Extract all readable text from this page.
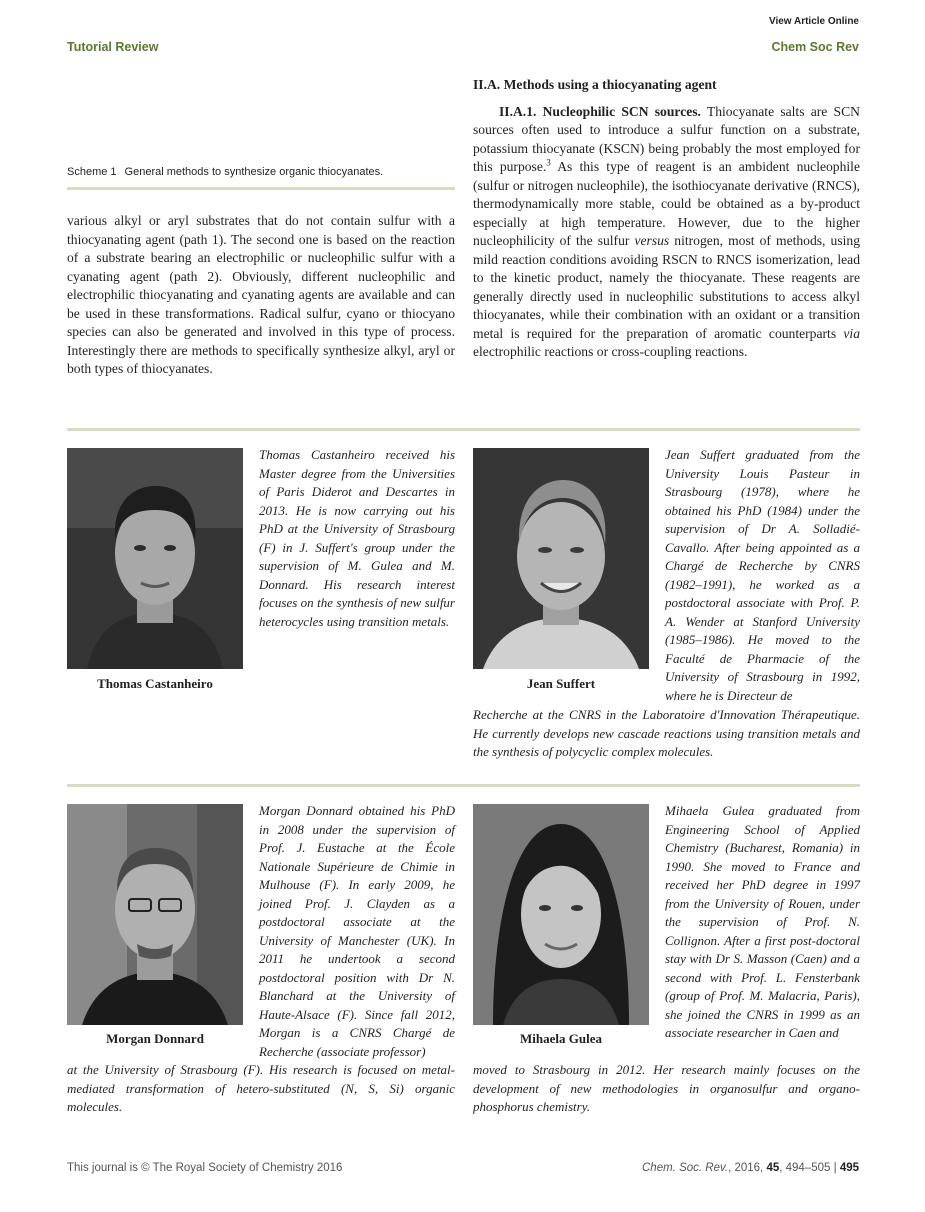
View Article Online
Tutorial Review	Chem Soc Rev
Scheme 1 General methods to synthesize organic thiocyanates.
various alkyl or aryl substrates that do not contain sulfur with a thiocyanating agent (path 1). The second one is based on the reaction of a substrate bearing an electrophilic or nucleophilic sulfur with a cyanating agent (path 2). Obviously, different nucleophilic and electrophilic thiocyanating and cyanating agents are available and can be used in these transformations. Radical sulfur, cyano or thiocyano species can also be generated and involved in this type of process. Interestingly there are methods to specifically synthesize alkyl, aryl or both types of thiocyanates.
II.A. Methods using a thiocyanating agent

II.A.1. Nucleophilic SCN sources. Thiocyanate salts are SCN sources often used to introduce a sulfur function on a substrate, potassium thiocyanate (KSCN) being probably the most employed for this purpose.$^3$ As this type of reagent is an ambident nucleophile (sulfur or nitrogen nucleophile), the isothiocyanate derivative (RNCS), thermodynamically more stable, could be obtained as a by-product especially at high temperature. However, due to the higher nucleophilicity of the sulfur versus nitrogen, most of methods, using mild reaction conditions avoiding RSCN to RNCS isomerization, lead to the kinetic product, namely the thiocyanate. These reagents are generally directly used in nucleophilic substitutions to access alkyl thiocyanates, while their combination with an oxidant or a transition metal is required for the preparation of aromatic counterparts via electrophilic reactions or cross-coupling reactions.

Thomas Castanheiro
Thomas Castanheiro received his Master degree from the Universities of Paris Diderot and Descartes in 2013. He is now carrying out his PhD at the University of Strasbourg (F) in J. Suffert's group under the supervision of M. Gulea and M. Donnard. His research interest focuses on the synthesis of new sulfur heterocycles using transition metals.
Jean Suffert
Jean Suffert graduated from the University Louis Pasteur in Strasbourg (1978), where he obtained his PhD (1984) under the supervision of Dr A. Solladié-Cavallo. After being appointed as a Chargé de Recherche by CNRS (1982–1991), he worked as a postdoctoral associate with Prof. P. A. Wender at Stanford University (1985–1986). He moved to the Faculté de Pharmacie of the University of Strasbourg in 1992, where he is Directeur de
Recherche at the CNRS in the Laboratoire d'Innovation Thérapeutique. He currently develops new cascade reactions using transition metals and the synthesis of polycyclic complex molecules.
Morgan Donnard
Morgan Donnard obtained his PhD in 2008 under the supervision of Prof. J. Eustache at the École Nationale Supérieure de Chimie in Mulhouse (F). In early 2009, he joined Prof. J. Clayden as a postdoctoral associate at the University of Manchester (UK). In 2011 he undertook a second postdoctoral position with Dr N. Blanchard at the University of Haute-Alsace (F). Since fall 2012, Morgan is a CNRS Chargé de Recherche (associate professor)
at the University of Strasbourg (F). His research is focused on metal-mediated transformation of hetero-substituted (N, S, Si) organic molecules.
Mihaela Gulea
Mihaela Gulea graduated from Engineering School of Applied Chemistry (Bucharest, Romania) in 1990. She moved to France and received her PhD degree in 1997 from the University of Rouen, under the supervision of Prof. N. Collignon. After a first post-doctoral stay with Dr S. Masson (Caen) and a second with Prof. L. Fensterbank (group of Prof. M. Malacria, Paris), she joined the CNRS in 1999 as an associate researcher in Caen and
moved to Strasbourg in 2012. Her research mainly focuses on the development of new methodologies in organosulfur and organo-phosphorus chemistry.
This journal is © The Royal Society of Chemistry 2016	Chem. Soc. Rev., 2016, 45, 494–505 | 495
